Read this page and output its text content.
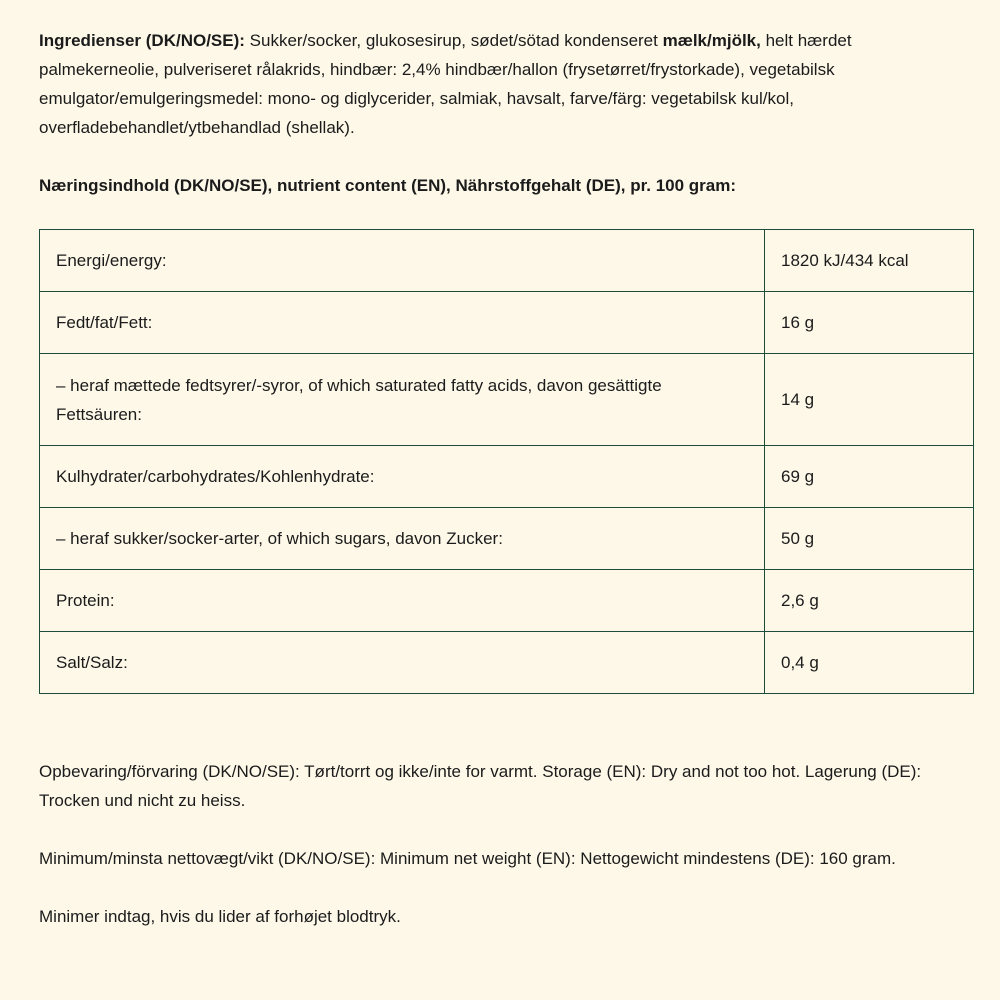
Ingredienser (DK/NO/SE): Sukker/socker, glukosesirup, sødet/sötad kondenseret mælk/mjölk, helt hærdet palmekerneolie, pulveriseret rålakrids, hindbær: 2,4% hindbær/hallon (frysetørret/frystorkade), vegetabilsk emulgator/emulgeringsmedel: mono- og diglycerider, salmiak, havsalt, farve/färg: vegetabilsk kul/kol, overfladebehandlet/ytbehandlad (shellak).

Næringsindhold (DK/NO/SE), nutrient content (EN), Nährstoffgehalt (DE), pr. 100 gram:

Energi/energy:	1820 kJ/434 kcal
Fedt/fat/Fett:	16 g
– heraf mættede fedtsyrer/-syror, of which saturated fatty acids, davon gesättigte Fettsäuren:	14 g
Kulhydrater/carbohydrates/Kohlenhydrate:	69 g
– heraf sukker/socker-arter, of which sugars, davon Zucker:	50 g
Protein:	2,6 g
Salt/Salz:	0,4 g

Opbevaring/förvaring (DK/NO/SE): Tørt/torrt og ikke/inte for varmt. Storage (EN): Dry and not too hot. Lagerung (DE): Trocken und nicht zu heiss.

Minimum/minsta nettovægt/vikt (DK/NO/SE): Minimum net weight (EN): Nettogewicht mindestens (DE): 160 gram.

Minimer indtag, hvis du lider af forhøjet blodtryk.
